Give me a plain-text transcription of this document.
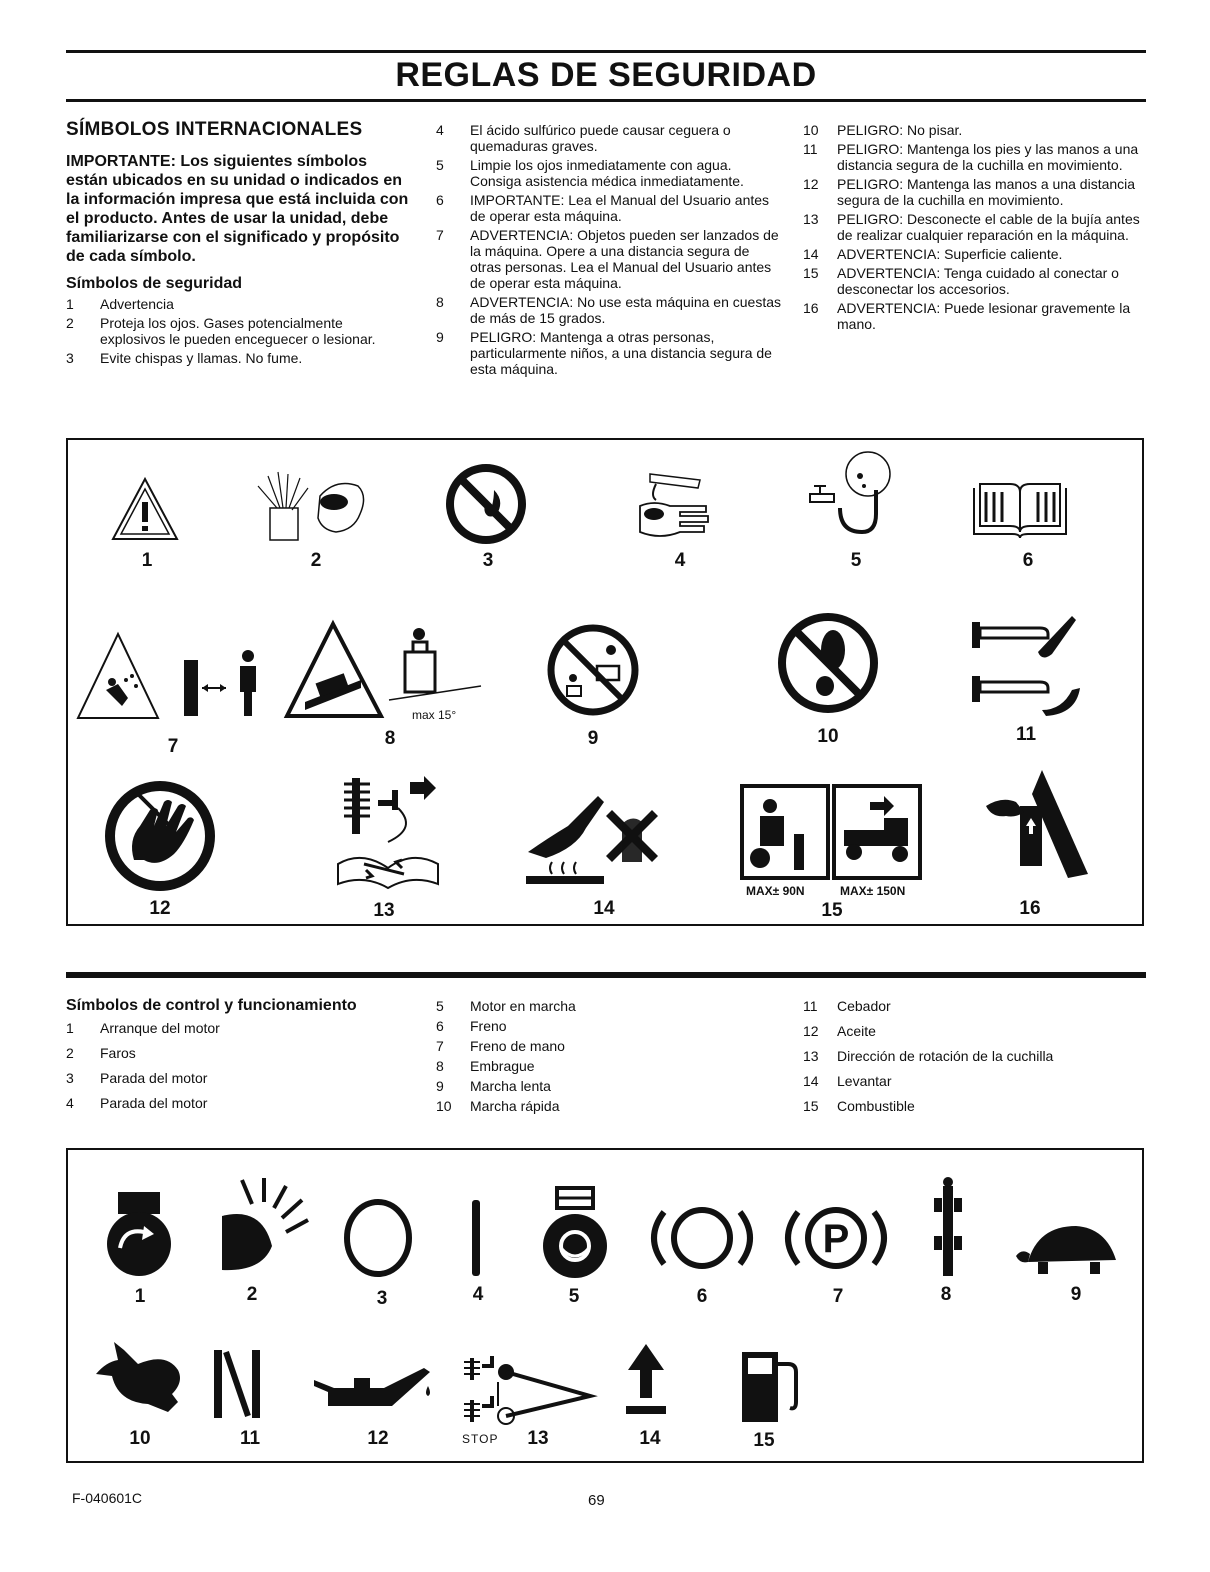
REGLAS DE SEGURIDAD
SÍMBOLOS INTERNACIONALES
IMPORTANTE: Los siguientes símbolos están ubicados en su unidad o indicados en la información impresa que está incluida con el producto. Antes de usar la unidad, debe familiarizarse con el significado y propósito de cada símbolo.
Símbolos de seguridad
1	Advertencia
2	Proteja los ojos. Gases potencialmente explosivos le pueden enceguecer o lesionar.
3	Evite chispas y llamas. No fume.
4	El ácido sulfúrico puede causar ceguera o quemaduras graves.
5	Limpie los ojos inmediatamente con agua. Consiga asistencia médica inmediatamente.
6	IMPORTANTE: Lea el Manual del Usuario antes de operar esta máquina.
7	ADVERTENCIA: Objetos pueden ser lanzados de la máquina. Opere a una distancia segura de otras personas. Lea el Manual del Usuario antes de operar esta máquina.
8	ADVERTENCIA: No use esta máquina en cuestas de más de 15 grados.
9	PELIGRO: Mantenga a otras personas, particularmente niños, a una distancia segura de esta máquina.
10	PELIGRO: No pisar.
11	PELIGRO: Mantenga los pies y las manos a una distancia segura de la cuchilla en movimiento.
12	PELIGRO: Mantenga las manos a una distancia segura de la cuchilla en movimiento.
13	PELIGRO: Desconecte el cable de la bujía antes de realizar cualquier reparación en la máquina.
14	ADVERTENCIA: Superficie caliente.
15	ADVERTENCIA: Tenga cuidado al conectar o desconectar los accesorios.
16	ADVERTENCIA: Puede lesionar gravemente la mano.
1	2	3	4	5	6
max 15°
7	8	9	10	11
MAX± 90N	MAX± 150N
12	13	14	15	16
Símbolos de control y funcionamiento
1	Arranque del motor
2	Faros
3	Parada del motor
4	Parada del motor
5	Motor en marcha
6	Freno
7	Freno de mano
8	Embrague
9	Marcha lenta
10	Marcha rápida
11	Cebador
12	Aceite
13	Dirección de rotación de la cuchilla
14	Levantar
15	Combustible
P
1	2	3	4	5	6	7	8	9
STOP
10	11	12	13	14	15
F-040601C	69
